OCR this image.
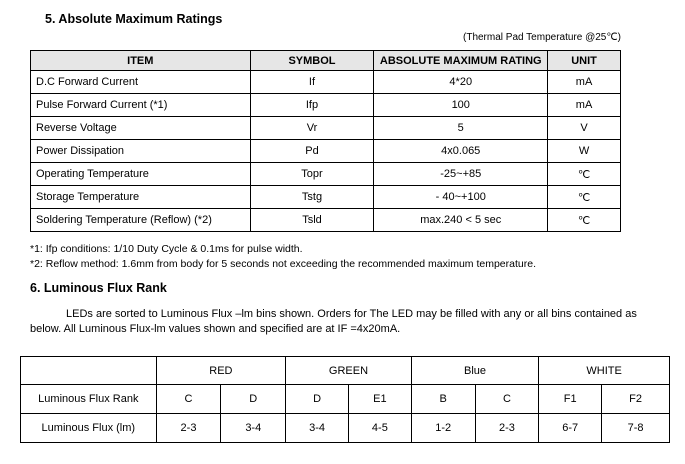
5. Absolute Maximum Ratings
(Thermal Pad Temperature @25℃)
ITEM	SYMBOL	ABSOLUTE MAXIMUM RATING	UNIT
D.C Forward Current	If	4*20	mA
Pulse Forward Current (*1)	Ifp	100	mA
Reverse Voltage	Vr	5	V
Power Dissipation	Pd	4x0.065	W
Operating Temperature	Topr	-25~+85	℃
Storage Temperature	Tstg	- 40~+100	℃
Soldering Temperature (Reflow) (*2)	Tsld	max.240 < 5 sec	℃
*1: Ifp conditions: 1/10 Duty Cycle & 0.1ms for pulse width.
*2: Reflow method: 1.6mm from body for 5 seconds not exceeding the recommended maximum temperature.
6. Luminous Flux Rank
LEDs are sorted to Luminous Flux –lm bins shown. Orders for The LED may be filled with any or all bins contained as
below. All Luminous Flux-lm values shown and specified are at IF =4x20mA.
	RED		GREEN		Blue		WHITE	
Luminous Flux Rank	C	D	D	E1	B	C	F1	F2
Luminous Flux (lm)	2-3	3-4	3-4	4-5	1-2	2-3	6-7	7-8
